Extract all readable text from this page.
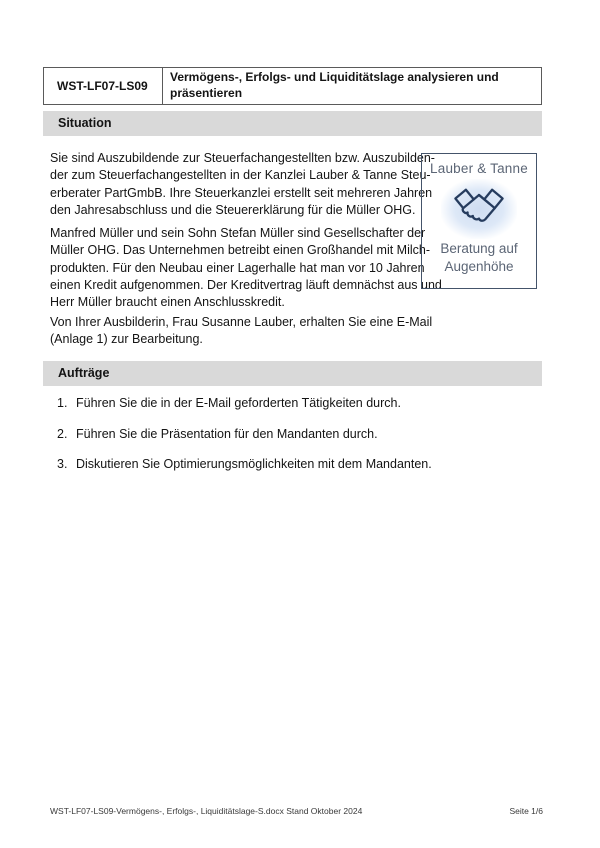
WST-LF07-LS09
Vermögens-, Erfolgs- und Liquiditätslage analysieren und
präsentieren
Situation
Sie sind Auszubildende zur Steuerfachangestellten bzw. Auszubilden-
der zum Steuerfachangestellten in der Kanzlei Lauber & Tanne Steu-
erberater PartGmbB. Ihre Steuerkanzlei erstellt seit mehreren Jahren
den Jahresabschluss und die Steuererklärung für die Müller OHG.
Manfred Müller und sein Sohn Stefan Müller sind Gesellschafter der
Müller OHG. Das Unternehmen betreibt einen Großhandel mit Milch-
produkten. Für den Neubau einer Lagerhalle hat man vor 10 Jahren
einen Kredit aufgenommen. Der Kreditvertrag läuft demnächst aus und
Herr Müller braucht einen Anschlusskredit.
Von Ihrer Ausbilderin, Frau Susanne Lauber, erhalten Sie eine E-Mail
(Anlage 1) zur Bearbeitung.
Lauber & Tanne
Beratung auf
Augenhöhe
Aufträge
1. Führen Sie die in der E-Mail geforderten Tätigkeiten durch.
2. Führen Sie die Präsentation für den Mandanten durch.
3. Diskutieren Sie Optimierungsmöglichkeiten mit dem Mandanten.
WST-LF07-LS09-Vermögens-, Erfolgs-, Liquiditätslage-S.docx Stand Oktober 2024	Seite 1/6
